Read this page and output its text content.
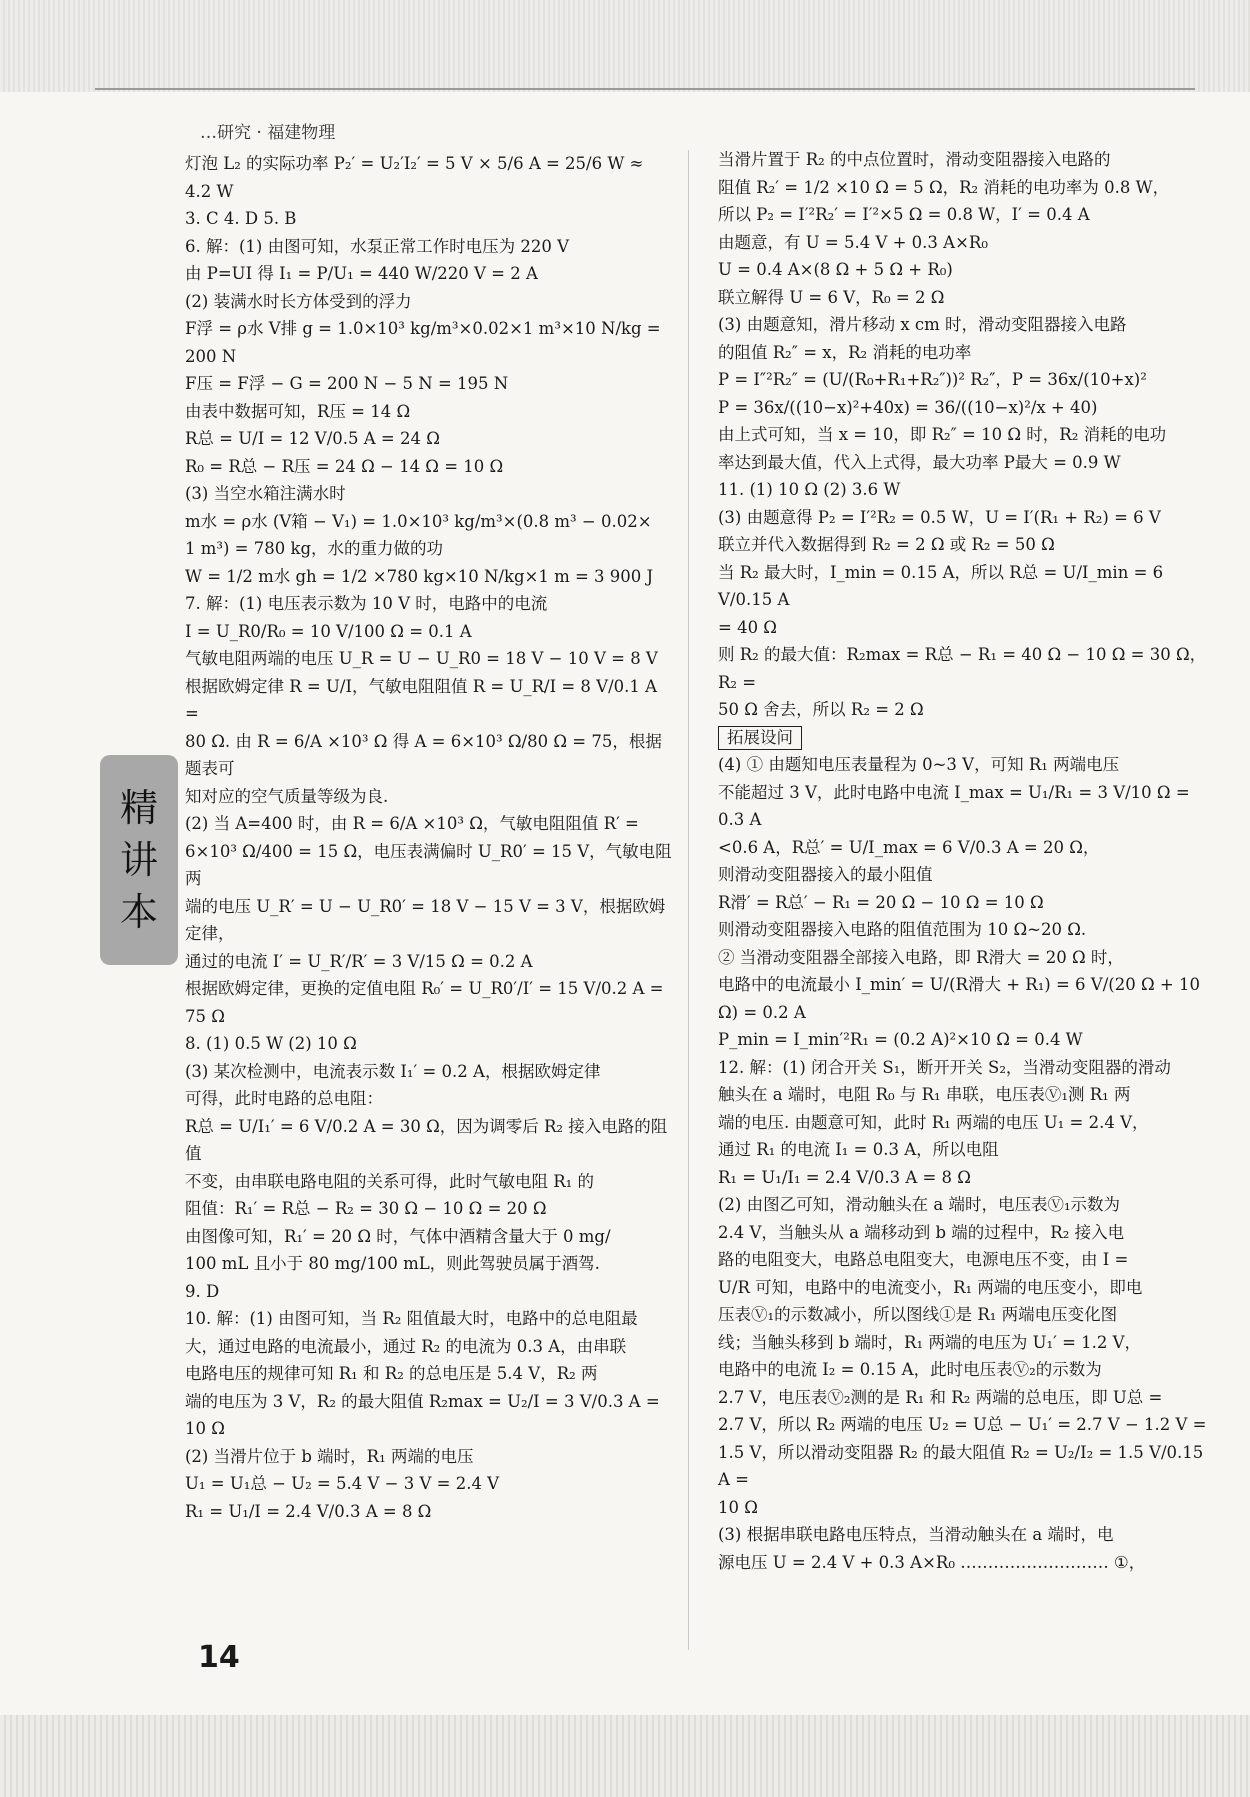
…研究 · 福建物理
精
讲
本
灯泡 L₂ 的实际功率 P₂′ = U₂′I₂′ = 5 V × 5/6 A = 25/6 W ≈
4.2 W
3. C 4. D 5. B
6. 解：(1) 由图可知，水泵正常工作时电压为 220 V
由 P=UI 得 I₁ = P/U₁ = 440 W/220 V = 2 A
(2) 装满水时长方体受到的浮力
F浮 = ρ水 V排 g = 1.0×10³ kg/m³×0.02×1 m³×10 N/kg =
200 N
F压 = F浮 − G = 200 N − 5 N = 195 N
由表中数据可知，R压 = 14 Ω
R总 = U/I = 12 V/0.5 A = 24 Ω
R₀ = R总 − R压 = 24 Ω − 14 Ω = 10 Ω
(3) 当空水箱注满水时
m水 = ρ水 (V箱 − V₁) = 1.0×10³ kg/m³×(0.8 m³ − 0.02×
1 m³) = 780 kg，水的重力做的功
W = 1/2 m水 gh = 1/2 ×780 kg×10 N/kg×1 m = 3 900 J
7. 解：(1) 电压表示数为 10 V 时，电路中的电流
I = U_R0/R₀ = 10 V/100 Ω = 0.1 A
气敏电阻两端的电压 U_R = U − U_R0 = 18 V − 10 V = 8 V
根据欧姆定律 R = U/I，气敏电阻阻值 R = U_R/I = 8 V/0.1 A =
80 Ω. 由 R = 6/A ×10³ Ω 得 A = 6×10³ Ω/80 Ω = 75，根据题表可
知对应的空气质量等级为良.
(2) 当 A=400 时，由 R = 6/A ×10³ Ω，气敏电阻阻值 R′ =
6×10³ Ω/400 = 15 Ω，电压表满偏时 U_R0′ = 15 V，气敏电阻两
端的电压 U_R′ = U − U_R0′ = 18 V − 15 V = 3 V，根据欧姆定律，
通过的电流 I′ = U_R′/R′ = 3 V/15 Ω = 0.2 A
根据欧姆定律，更换的定值电阻 R₀′ = U_R0′/I′ = 15 V/0.2 A = 75 Ω
8. (1) 0.5 W (2) 10 Ω
(3) 某次检测中，电流表示数 I₁′ = 0.2 A，根据欧姆定律
可得，此时电路的总电阻：
R总 = U/I₁′ = 6 V/0.2 A = 30 Ω，因为调零后 R₂ 接入电路的阻值
不变，由串联电路电阻的关系可得，此时气敏电阻 R₁ 的
阻值：R₁′ = R总 − R₂ = 30 Ω − 10 Ω = 20 Ω
由图像可知，R₁′ = 20 Ω 时，气体中酒精含量大于 0 mg/
100 mL 且小于 80 mg/100 mL，则此驾驶员属于酒驾.
9. D
10. 解：(1) 由图可知，当 R₂ 阻值最大时，电路中的总电阻最
大，通过电路的电流最小，通过 R₂ 的电流为 0.3 A，由串联
电路电压的规律可知 R₁ 和 R₂ 的总电压是 5.4 V，R₂ 两
端的电压为 3 V，R₂ 的最大阻值 R₂max = U₂/I = 3 V/0.3 A =
10 Ω
(2) 当滑片位于 b 端时，R₁ 两端的电压
U₁ = U₁总 − U₂ = 5.4 V − 3 V = 2.4 V
R₁ = U₁/I = 2.4 V/0.3 A = 8 Ω
当滑片置于 R₂ 的中点位置时，滑动变阻器接入电路的
阻值 R₂′ = 1/2 ×10 Ω = 5 Ω，R₂ 消耗的电功率为 0.8 W，
所以 P₂ = I′²R₂′ = I′²×5 Ω = 0.8 W，I′ = 0.4 A
由题意，有 U = 5.4 V + 0.3 A×R₀
U = 0.4 A×(8 Ω + 5 Ω + R₀)
联立解得 U = 6 V，R₀ = 2 Ω
(3) 由题意知，滑片移动 x cm 时，滑动变阻器接入电路
的阻值 R₂″ = x，R₂ 消耗的电功率
P = I″²R₂″ = (U/(R₀+R₁+R₂″))² R₂″，P = 36x/(10+x)²
P = 36x/((10−x)²+40x) = 36/((10−x)²/x + 40)
由上式可知，当 x = 10，即 R₂″ = 10 Ω 时，R₂ 消耗的电功
率达到最大值，代入上式得，最大功率 P最大 = 0.9 W
11. (1) 10 Ω (2) 3.6 W
(3) 由题意得 P₂ = I′²R₂ = 0.5 W，U = I′(R₁ + R₂) = 6 V
联立并代入数据得到 R₂ = 2 Ω 或 R₂ = 50 Ω
当 R₂ 最大时，I_min = 0.15 A，所以 R总 = U/I_min = 6 V/0.15 A
= 40 Ω
则 R₂ 的最大值：R₂max = R总 − R₁ = 40 Ω − 10 Ω = 30 Ω，R₂ =
50 Ω 舍去，所以 R₂ = 2 Ω
拓展设问
(4) ① 由题知电压表量程为 0~3 V，可知 R₁ 两端电压
不能超过 3 V，此时电路中电流 I_max = U₁/R₁ = 3 V/10 Ω = 0.3 A
<0.6 A，R总′ = U/I_max = 6 V/0.3 A = 20 Ω，
则滑动变阻器接入的最小阻值
R滑′ = R总′ − R₁ = 20 Ω − 10 Ω = 10 Ω
则滑动变阻器接入电路的阻值范围为 10 Ω~20 Ω.
② 当滑动变阻器全部接入电路，即 R滑大 = 20 Ω 时，
电路中的电流最小 I_min′ = U/(R滑大 + R₁) = 6 V/(20 Ω + 10 Ω) = 0.2 A
P_min = I_min′²R₁ = (0.2 A)²×10 Ω = 0.4 W
12. 解：(1) 闭合开关 S₁，断开开关 S₂，当滑动变阻器的滑动
触头在 a 端时，电阻 R₀ 与 R₁ 串联，电压表Ⓥ₁测 R₁ 两
端的电压. 由题意可知，此时 R₁ 两端的电压 U₁ = 2.4 V，
通过 R₁ 的电流 I₁ = 0.3 A，所以电阻
R₁ = U₁/I₁ = 2.4 V/0.3 A = 8 Ω
(2) 由图乙可知，滑动触头在 a 端时，电压表Ⓥ₁示数为
2.4 V，当触头从 a 端移动到 b 端的过程中，R₂ 接入电
路的电阻变大，电路总电阻变大，电源电压不变，由 I =
U/R 可知，电路中的电流变小，R₁ 两端的电压变小，即电
压表Ⓥ₁的示数减小，所以图线①是 R₁ 两端电压变化图
线；当触头移到 b 端时，R₁ 两端的电压为 U₁′ = 1.2 V，
电路中的电流 I₂ = 0.15 A，此时电压表Ⓥ₂的示数为
2.7 V，电压表Ⓥ₂测的是 R₁ 和 R₂ 两端的总电压，即 U总 =
2.7 V，所以 R₂ 两端的电压 U₂ = U总 − U₁′ = 2.7 V − 1.2 V =
1.5 V，所以滑动变阻器 R₂ 的最大阻值 R₂ = U₂/I₂ = 1.5 V/0.15 A =
10 Ω
(3) 根据串联电路电压特点，当滑动触头在 a 端时，电
源电压 U = 2.4 V + 0.3 A×R₀ ……………………… ①，
14
